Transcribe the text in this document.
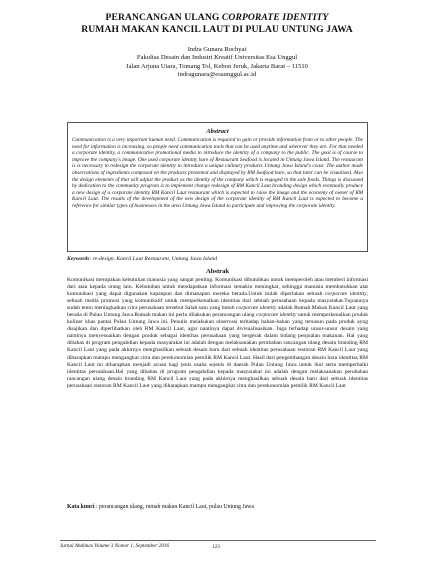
PERANCANGAN ULANG CORPORATE IDENTITY
RUMAH MAKAN KANCIL LAUT DI PULAU UNTUNG JAWA
Indra Gunara Rochyat
Fakultas Desain dan Industri Kreatif Universitas Esa Unggul
Jalan Arjuna Utara, Tomang Tol, Kebon Jeruk, Jakarta Barat – 11510
indragunara@esaunggul.ac.id
Abstract
Communication is a very important human need. Communication is required to gain or provide information from or to other people. The need for information is increasing, so people need communication tools that can be used anytime and wherever they are. For that needed a corporate identity, a communicative promotional media to introduce the identity of a company to the public. The goal is of course to improve the company's image. One used corporate identity hare of Restaurant Seafood is located in Untung Jawa Island. The restaurant is is necessary to redesign the corporate identity to introduce a unique culinary products Untung Jawa Island's coast. The author made observations of ingredients composed on the products presented and displayed by RM Seafood hare, so that later can be visualized. Also the design elements of that will adjust the product as the identity of the company which is engaged in the sale foods. Things is discussed by dedication to the community program is to implement change redesign of RM Kancil Laut branding design which eventually produce a new design of a corporate identity RM Kancil Laut restaurant which is expected to raise the image and the economy of owner of RM Kancil Laut. The results of the development of the new design of the corporate identity of RM Kancil Laut is expected to become a reference for similar types of businesses in the area Untung Jawa Island to participate and improving the corporate identity.
Keywords: re-design, Kancil Laut Restaurant, Untung Jawa Island
Abstrak
Komunikasi merupakan kebutuhan manusia yang sangat penting. Komunikasi dibutuhkan untuk memperoleh atau memberi informasi dari atau kepada orang lain. Kebutuhan untuk mendapatkan informasi semakin meningkat, sehingga manusia membutuhkan alat komunikasi yang dapat digunakan kapanpun dan dimanapun mereka berada.Untuk itulah diperlukan sebuah corporate identity, sebuah media promosi yang komunikatif untuk memperkenalkan identitas dari sebuah perusahaan kepada masyarakat.Tujuannya sudah tentu meningkatkan citra perusahaan tersebut.Salah satu yang butuh corporate identity adalah Rumah Makan Kancil Laut yang berada di Pulau Untung Jawa.Rumah makan ini perlu dilakukan perancangan ulang corporate identity untuk memperkenalkan produk kuliner khas pantai Pulau Untung Jawa ini. Penulis melakukan observasi terhadap bahan-bahan yang tersusun pada produk ayng disajikan dan diperlihatkan oleh RM Kancil Laut, agar nantinya dapat divisualisasikan. Juga terhadap unsur-unsur desain yang nantinya menyesuaikan dengan produk sebagai identitas perusahaan yang bergerak dalam bidang penjualan makanan. Hal yang dibahas di program pengabdian kepada masyarakat ini adalah dengan melaksanakan perubahan rancangan ulang desain branding RM Kancil Laut yang pada akhirnya menghasilkan sebuah desain baru dari sebuah identitas perusahaan restoran RM Kancil Laut yang diharapkan mampu mengangkat citra dan perekonomian pemilik RM Kancil Laut. Hasil dari pengembangan desain baru identitas RM Kancil Laut ini diharapkan menjadi acuan bagi jenis usaha sejenis di daerah Pulau Untung Jawa untuk ikut serta memperbaiki identitas perusahaan.Hal yang dibahas di program pengabdian kepada masyarakat ini adalah dengan melaksanakan perubahan rancangan ulang desain branding RM Kancil Laut yang pada akhirnya menghasilkan sebuah desain baru dari sebuah identitas perusahaan restoran RM Kancil Laut yang diharapkan mampu mengangkat citra dan perekonomian pemilik RM Kancil Laut
Kata kunci : perancangan ulang, rumah makan Kancil Laut, pulau Untung Jawa
Jurnal Abdimas Volume 3 Nomor 1, September 2016	123
